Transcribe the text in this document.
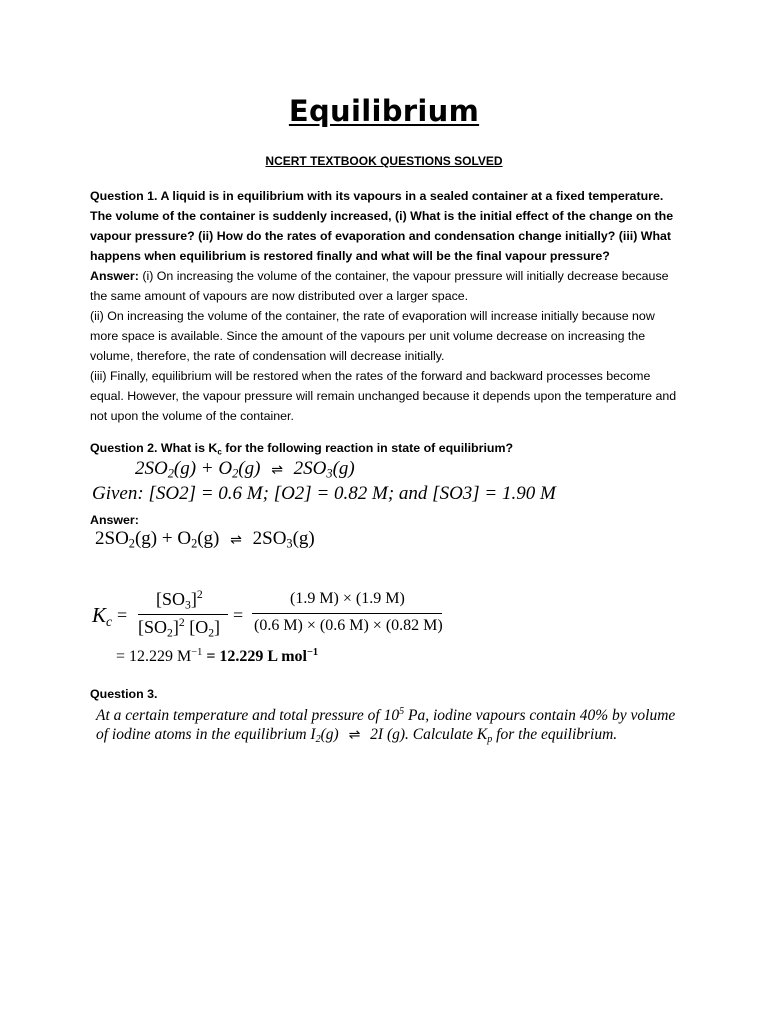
Equilibrium
NCERT TEXTBOOK QUESTIONS SOLVED
Question 1. A liquid is in equilibrium with its vapours in a sealed container at a fixed temperature. The volume of the container is suddenly increased, (i) What is the initial effect of the change on the vapour pressure? (ii) How do the rates of evaporation and condensation change initially? (iii) What happens when equilibrium is restored finally and what will be the final vapour pressure?
Answer: (i) On increasing the volume of the container, the vapour pressure will initially decrease because the same amount of vapours are now distributed over a larger space.
(ii) On increasing the volume of the container, the rate of evaporation will increase initially because now more space is available. Since the amount of the vapours per unit volume decrease on increasing the volume, therefore, the rate of condensation will decrease initially.
(iii) Finally, equilibrium will be restored when the rates of the forward and backward processes become equal. However, the vapour pressure will remain unchanged because it depends upon the temperature and not upon the volume of the container.
Question 2. What is $K_c$ for the following reaction in state of equilibrium?
$2SO_2(g) + O_2(g)$ ⇌ $2SO_3(g)$
Given: [SO2] = 0.6 M; [O2] = 0.82 M; and [SO3] = 1.90 M
Answer:
$2SO_2(g) + O_2(g)$ ⇌ $2SO_3(g)$
$K_c$ =
$[SO_3]^2$
$[SO_2]^2$ $[O_2]$
=
(1.9 M) × (1.9 M)
(0.6 M) × (0.6 M) × (0.82 M)
= 12.229 $M^{-1} = 12.229$ L mol$^{-1}$
Question 3.
At a certain temperature and total pressure of $10^5$ Pa, iodine vapours contain 40% by volume
of iodine atoms in the equilibrium $I_2(g)$ ⇌ 2I (g). Calculate $K_p$ for the equilibrium.
